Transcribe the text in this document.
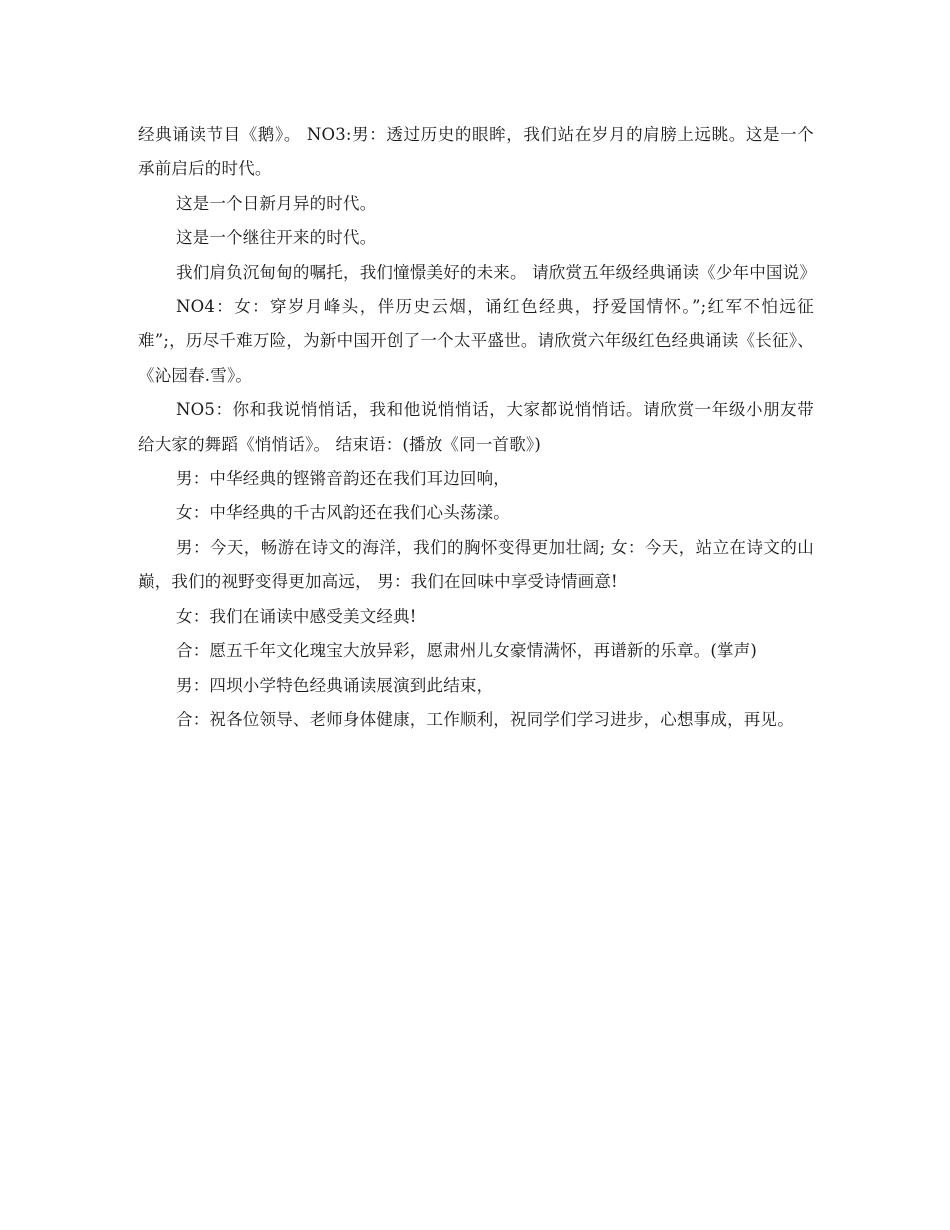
经典诵读节目《鹅》。 NO3:男：透过历史的眼眸，我们站在岁月的肩膀上远眺。这是一个承前启后的时代。

这是一个日新月异的时代。

这是一个继往开来的时代。

我们肩负沉甸甸的嘱托，我们憧憬美好的未来。 请欣赏五年级经典诵读《少年中国说》

NO4：女：穿岁月峰头，伴历史云烟，诵红色经典，抒爱国情怀。”;红军不怕远征难”;，历尽千难万险，为新中国开创了一个太平盛世。请欣赏六年级红色经典诵读《长征》、《沁园春.雪》。

NO5：你和我说悄悄话，我和他说悄悄话，大家都说悄悄话。请欣赏一年级小朋友带给大家的舞蹈《悄悄话》。 结束语：(播放《同一首歌》)

男：中华经典的铿锵音韵还在我们耳边回响，

女：中华经典的千古风韵还在我们心头荡漾。

男：今天，畅游在诗文的海洋，我们的胸怀变得更加壮阔; 女：今天，站立在诗文的山巅，我们的视野变得更加高远， 男：我们在回味中享受诗情画意!

女：我们在诵读中感受美文经典!

合：愿五千年文化瑰宝大放异彩，愿肃州儿女豪情满怀，再谱新的乐章。(掌声)

男：四坝小学特色经典诵读展演到此结束，

合：祝各位领导、老师身体健康，工作顺利，祝同学们学习进步，心想事成，再见。
